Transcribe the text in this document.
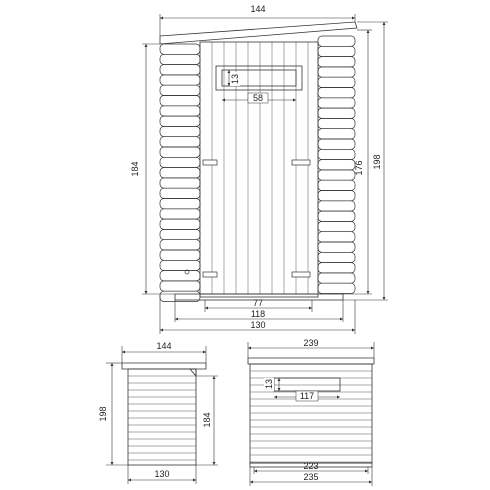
144
184	176 198
13
58
77
118
130
144
198	184
130
239
13
117
223
235
